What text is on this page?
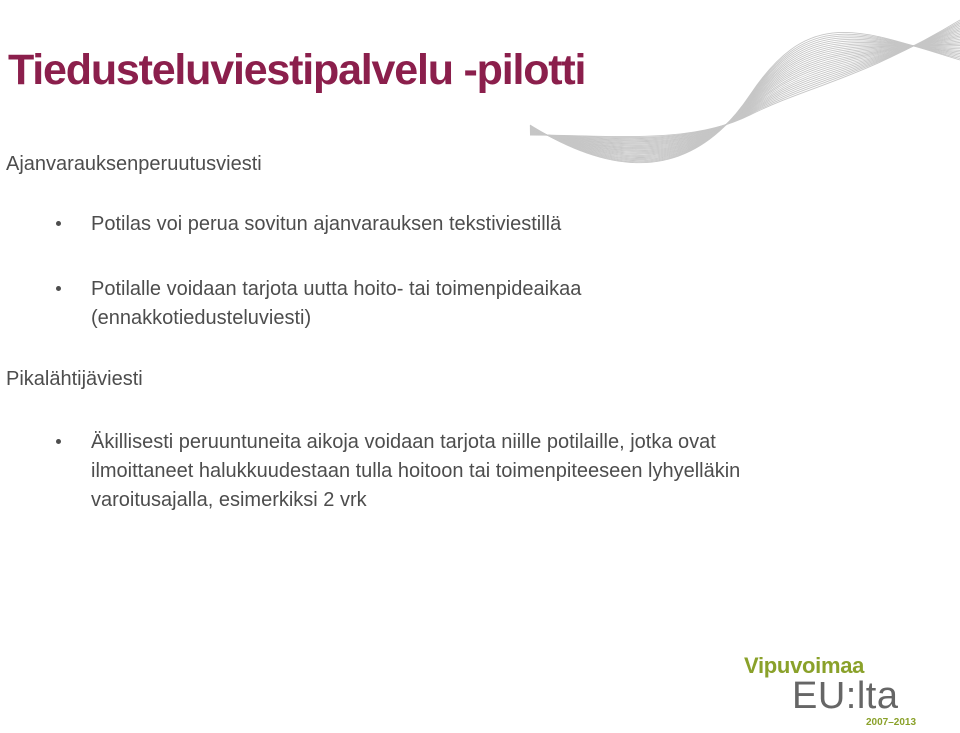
Tiedusteluviestipalvelu -pilotti

Ajanvarauksenperuutusviesti

Potilas voi perua sovitun ajanvarauksen tekstiviestillä
Potilalle voidaan tarjota uutta hoito- tai toimenpideaikaa
(ennakkotiedusteluviesti)

Pikalähtijäviesti

Äkillisesti peruuntuneita aikoja voidaan tarjota niille potilaille, jotka ovat
ilmoittaneet halukkuudestaan tulla hoitoon tai toimenpiteeseen lyhyelläkin
varoitusajalla, esimerkiksi 2 vrk

Vipuvoimaa

EU:lta

2007–2013
